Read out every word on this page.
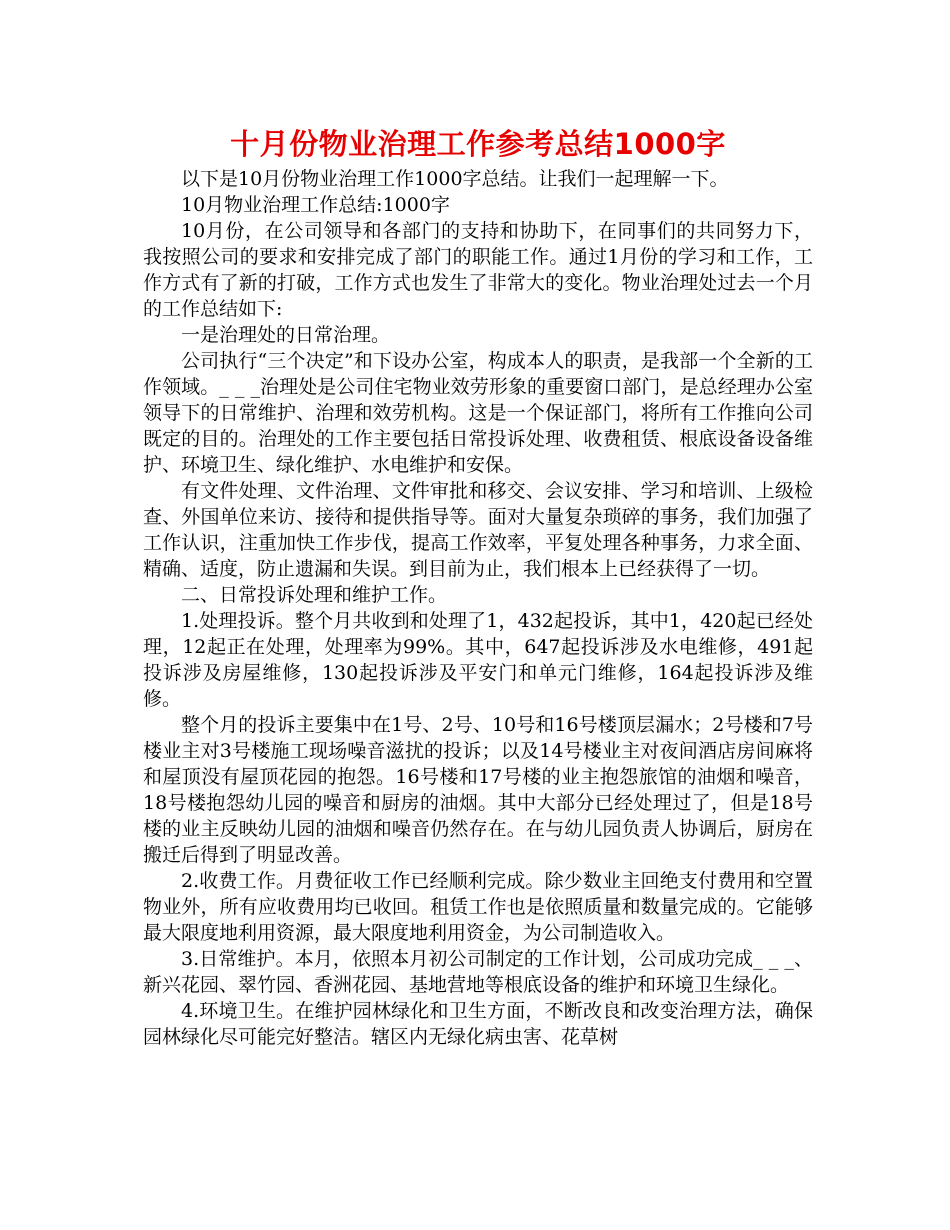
十月份物业治理工作参考总结1000字

以下是10月份物业治理工作1000字总结。让我们一起理解一下。

10月物业治理工作总结:1000字

10月份，在公司领导和各部门的支持和协助下，在同事们的共同努力下，我按照公司的要求和安排完成了部门的职能工作。通过1月份的学习和工作，工作方式有了新的打破，工作方式也发生了非常大的变化。物业治理处过去一个月的工作总结如下:

一是治理处的日常治理。

公司执行“三个决定”和下设办公室，构成本人的职责，是我部一个全新的工作领域。_ _ _治理处是公司住宅物业效劳形象的重要窗口部门，是总经理办公室领导下的日常维护、治理和效劳机构。这是一个保证部门，将所有工作推向公司既定的目的。治理处的工作主要包括日常投诉处理、收费租赁、根底设备设备维护、环境卫生、绿化维护、水电维护和安保。

有文件处理、文件治理、文件审批和移交、会议安排、学习和培训、上级检查、外国单位来访、接待和提供指导等。面对大量复杂琐碎的事务，我们加强了工作认识，注重加快工作步伐，提高工作效率，平复处理各种事务，力求全面、精确、适度，防止遗漏和失误。到目前为止，我们根本上已经获得了一切。

二、日常投诉处理和维护工作。

1.处理投诉。整个月共收到和处理了1，432起投诉，其中1，420起已经处理，12起正在处理，处理率为99%。其中，647起投诉涉及水电维修，491起投诉涉及房屋维修，130起投诉涉及平安门和单元门维修，164起投诉涉及维修。

整个月的投诉主要集中在1号、2号、10号和16号楼顶层漏水；2号楼和7号楼业主对3号楼施工现场噪音滋扰的投诉；以及14号楼业主对夜间酒店房间麻将和屋顶没有屋顶花园的抱怨。16号楼和17号楼的业主抱怨旅馆的油烟和噪音，18号楼抱怨幼儿园的噪音和厨房的油烟。其中大部分已经处理过了，但是18号楼的业主反映幼儿园的油烟和噪音仍然存在。在与幼儿园负责人协调后，厨房在搬迁后得到了明显改善。

2.收费工作。月费征收工作已经顺利完成。除少数业主回绝支付费用和空置物业外，所有应收费用均已收回。租赁工作也是依照质量和数量完成的。它能够最大限度地利用资源，最大限度地利用资金，为公司制造收入。

3.日常维护。本月，依照本月初公司制定的工作计划，公司成功完成_ _ _、新兴花园、翠竹园、香洲花园、基地营地等根底设备的维护和环境卫生绿化。

4.环境卫生。在维护园林绿化和卫生方面，不断改良和改变治理方法，确保园林绿化尽可能完好整洁。辖区内无绿化病虫害、花草树
